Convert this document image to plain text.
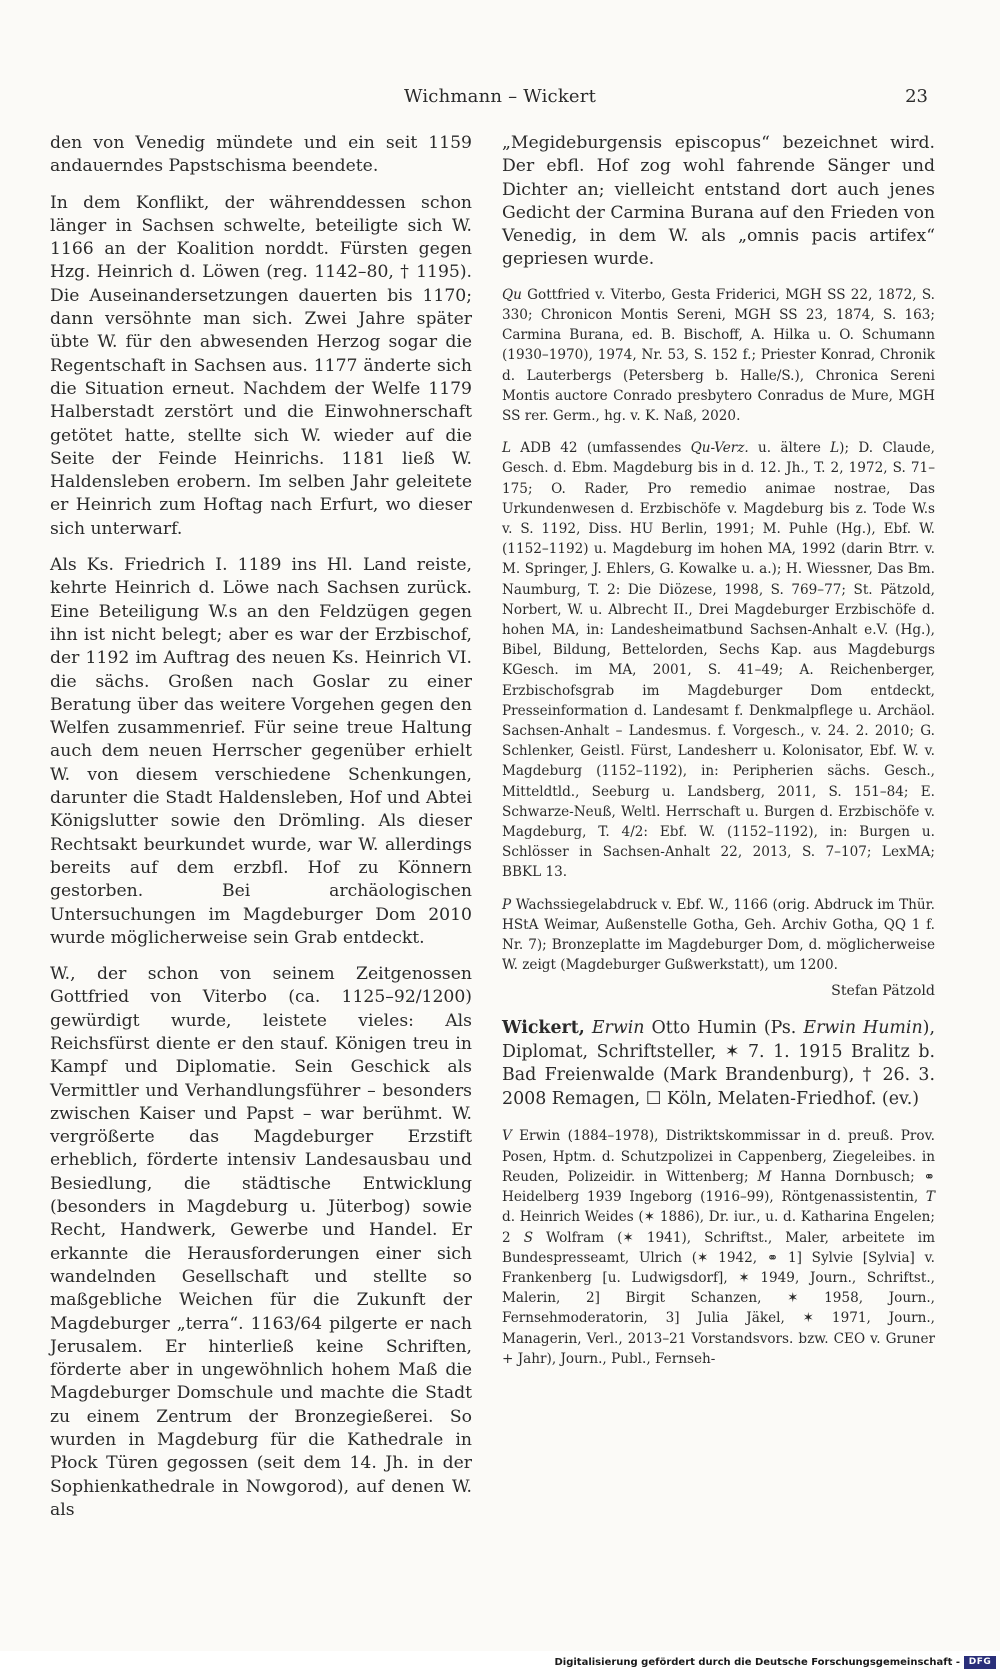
Wichmann – Wickert	23

den von Venedig mündete und ein seit 1159 andauerndes Papstschisma beendete.

In dem Konflikt, der währenddessen schon länger in Sachsen schwelte, beteiligte sich W. 1166 an der Koalition norddt. Fürsten gegen Hzg. Heinrich d. Löwen (reg. 1142–80, † 1195). Die Auseinandersetzungen dauerten bis 1170; dann versöhnte man sich. Zwei Jahre später übte W. für den abwesenden Herzog sogar die Regentschaft in Sachsen aus. 1177 änderte sich die Situation erneut. Nachdem der Welfe 1179 Halberstadt zerstört und die Einwohnerschaft getötet hatte, stellte sich W. wieder auf die Seite der Feinde Heinrichs. 1181 ließ W. Haldensleben erobern. Im selben Jahr geleitete er Heinrich zum Hoftag nach Erfurt, wo dieser sich unterwarf.

Als Ks. Friedrich I. 1189 ins Hl. Land reiste, kehrte Heinrich d. Löwe nach Sachsen zurück. Eine Beteiligung W.s an den Feldzügen gegen ihn ist nicht belegt; aber es war der Erzbischof, der 1192 im Auftrag des neuen Ks. Heinrich VI. die sächs. Großen nach Goslar zu einer Beratung über das weitere Vorgehen gegen den Welfen zusammenrief. Für seine treue Haltung auch dem neuen Herrscher gegenüber erhielt W. von diesem verschiedene Schenkungen, darunter die Stadt Haldensleben, Hof und Abtei Königslutter sowie den Drömling. Als dieser Rechtsakt beurkundet wurde, war W. allerdings bereits auf dem erzbfl. Hof zu Könnern gestorben. Bei archäologischen Untersuchungen im Magdeburger Dom 2010 wurde möglicherweise sein Grab entdeckt.

W., der schon von seinem Zeitgenossen Gottfried von Viterbo (ca. 1125–92/1200) gewürdigt wurde, leistete vieles: Als Reichsfürst diente er den stauf. Königen treu in Kampf und Diplomatie. Sein Geschick als Vermittler und Verhandlungsführer – besonders zwischen Kaiser und Papst – war berühmt. W. vergrößerte das Magdeburger Erzstift erheblich, förderte intensiv Landesausbau und Besiedlung, die städtische Entwicklung (besonders in Magdeburg u. Jüterbog) sowie Recht, Handwerk, Gewerbe und Handel. Er erkannte die Herausforderungen einer sich wandelnden Gesellschaft und stellte so maßgebliche Weichen für die Zukunft der Magdeburger „terra“. 1163/64 pilgerte er nach Jerusalem. Er hinterließ keine Schriften, förderte aber in ungewöhnlich hohem Maß die Magdeburger Domschule und machte die Stadt zu einem Zentrum der Bronzegießerei. So wurden in Magdeburg für die Kathedrale in Płock Türen gegossen (seit dem 14. Jh. in der Sophienkathedrale in Nowgorod), auf denen W. als

„Megideburgensis episcopus“ bezeichnet wird. Der ebfl. Hof zog wohl fahrende Sänger und Dichter an; vielleicht entstand dort auch jenes Gedicht der Carmina Burana auf den Frieden von Venedig, in dem W. als „omnis pacis artifex“ gepriesen wurde.

Qu Gottfried v. Viterbo, Gesta Friderici, MGH SS 22, 1872, S. 330; Chronicon Montis Sereni, MGH SS 23, 1874, S. 163; Carmina Burana, ed. B. Bischoff, A. Hilka u. O. Schumann (1930–1970), 1974, Nr. 53, S. 152 f.; Priester Konrad, Chronik d. Lauterbergs (Petersberg b. Halle/S.), Chronica Sereni Montis auctore Conrado presbytero Conradus de Mure, MGH SS rer. Germ., hg. v. K. Naß, 2020.

L ADB 42 (umfassendes Qu-Verz. u. ältere L); D. Claude, Gesch. d. Ebm. Magdeburg bis in d. 12. Jh., T. 2, 1972, S. 71–175; O. Rader, Pro remedio animae nostrae, Das Urkundenwesen d. Erzbischöfe v. Magdeburg bis z. Tode W.s v. S. 1192, Diss. HU Berlin, 1991; M. Puhle (Hg.), Ebf. W. (1152–1192) u. Magdeburg im hohen MA, 1992 (darin Btrr. v. M. Springer, J. Ehlers, G. Kowalke u. a.); H. Wiessner, Das Bm. Naumburg, T. 2: Die Diözese, 1998, S. 769–77; St. Pätzold, Norbert, W. u. Albrecht II., Drei Magdeburger Erzbischöfe d. hohen MA, in: Landesheimatbund Sachsen-Anhalt e.V. (Hg.), Bibel, Bildung, Bettelorden, Sechs Kap. aus Magdeburgs KGesch. im MA, 2001, S. 41–49; A. Reichenberger, Erzbischofsgrab im Magdeburger Dom entdeckt, Presseinformation d. Landesamt f. Denkmalpflege u. Archäol. Sachsen-Anhalt – Landesmus. f. Vorgesch., v. 24. 2. 2010; G. Schlenker, Geistl. Fürst, Landesherr u. Kolonisator, Ebf. W. v. Magdeburg (1152–1192), in: Peripherien sächs. Gesch., Mitteldtld., Seeburg u. Landsberg, 2011, S. 151–84; E. Schwarze-Neuß, Weltl. Herrschaft u. Burgen d. Erzbischöfe v. Magdeburg, T. 4/2: Ebf. W. (1152–1192), in: Burgen u. Schlösser in Sachsen-Anhalt 22, 2013, S. 7–107; LexMA; BBKL 13.

P Wachssiegelabdruck v. Ebf. W., 1166 (orig. Abdruck im Thür. HStA Weimar, Außenstelle Gotha, Geh. Archiv Gotha, QQ 1 f. Nr. 7); Bronzeplatte im Magdeburger Dom, d. möglicherweise W. zeigt (Magdeburger Gußwerkstatt), um 1200.

Stefan Pätzold

Wickert, Erwin Otto Humin (Ps. Erwin Humin), Diplomat, Schriftsteller, ✶ 7. 1. 1915 Bralitz b. Bad Freienwalde (Mark Brandenburg), † 26. 3. 2008 Remagen, ☐ Köln, Melaten-Friedhof. (ev.)

V Erwin (1884–1978), Distriktskommissar in d. preuß. Prov. Posen, Hptm. d. Schutzpolizei in Cappenberg, Ziegeleibes. in Reuden, Polizeidir. in Wittenberg; M Hanna Dornbusch; ⚭ Heidelberg 1939 Ingeborg (1916–99), Röntgenassistentin, T d. Heinrich Weides (✶ 1886), Dr. iur., u. d. Katharina Engelen; 2 S Wolfram (✶ 1941), Schriftst., Maler, arbeitete im Bundespresseamt, Ulrich (✶ 1942, ⚭ 1] Sylvie [Sylvia] v. Frankenberg [u. Ludwigsdorf], ✶ 1949, Journ., Schriftst., Malerin, 2] Birgit Schanzen, ✶ 1958, Journ., Fernsehmoderatorin, 3] Julia Jäkel, ✶ 1971, Journ., Managerin, Verl., 2013–21 Vorstandsvors. bzw. CEO v. Gruner + Jahr), Journ., Publ., Fernseh-

Digitalisierung gefördert durch die Deutsche Forschungsgemeinschaft - DFG
